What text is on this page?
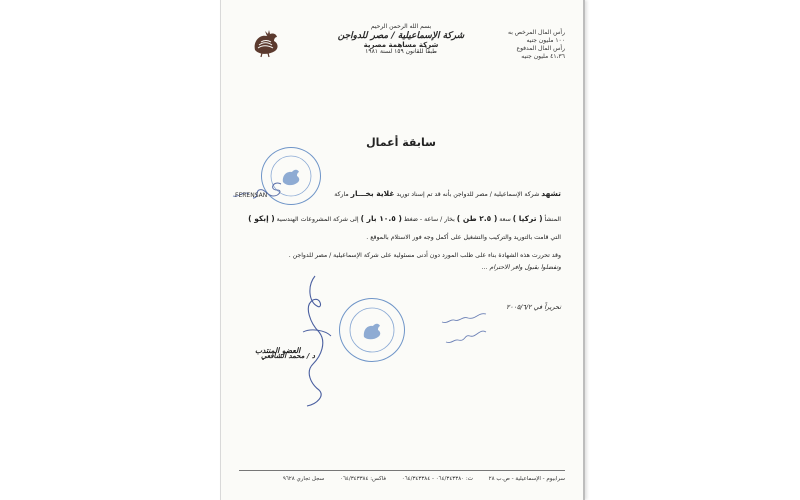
رأس المال المرخص به
١٠٠ مليون جنيه
رأس المال المدفوع
٤١،٣٦ مليون جنيه
بسم الله الرحمن الرحيم
شركة الإسماعيلية / مصر للدواجن
شركة مساهمة مصرية
طبقاً للقانون ١٥٩ لسنة ١٩٨١
سابقة أعمال
FERENSAN	تشهد شركة الإسماعيلية / مصر للدواجن بأنه قد تم إسناد توريد غلاية بخـــار ماركة
المنشأ ( تركيا ) سعة ( ٢.٥ طن ) بخار / ساعة - ضغط ( ١٠.٥ بار ) إلى شركة المشروعات الهندسية ( إبكو )
التي قامت بالتوريد والتركيب والتشغيل على أكمل وجه فور الاستلام بالموقع .
وقد تحررت هذه الشهادة بناء على طلب المورد دون أدنى مسئولية على شركة الإسماعيلية / مصر للدواجن .
وتفضلوا بقبول وافر الاحترام ...
تحريراً في ٢٠٠٥/٦/٢
العضو المنتدب
د / محمد الشافعي
سرابيوم - الإسماعيلية - ص.ب ٢٨ ت: ٠٦٤/٣٤٣٣٨٠ - ٠٦٤/٣٤٣٣٨٤ فاكس: ٠٦٤/٣٤٣٣٨٤ سجل تجاري ٩٦٢٨
